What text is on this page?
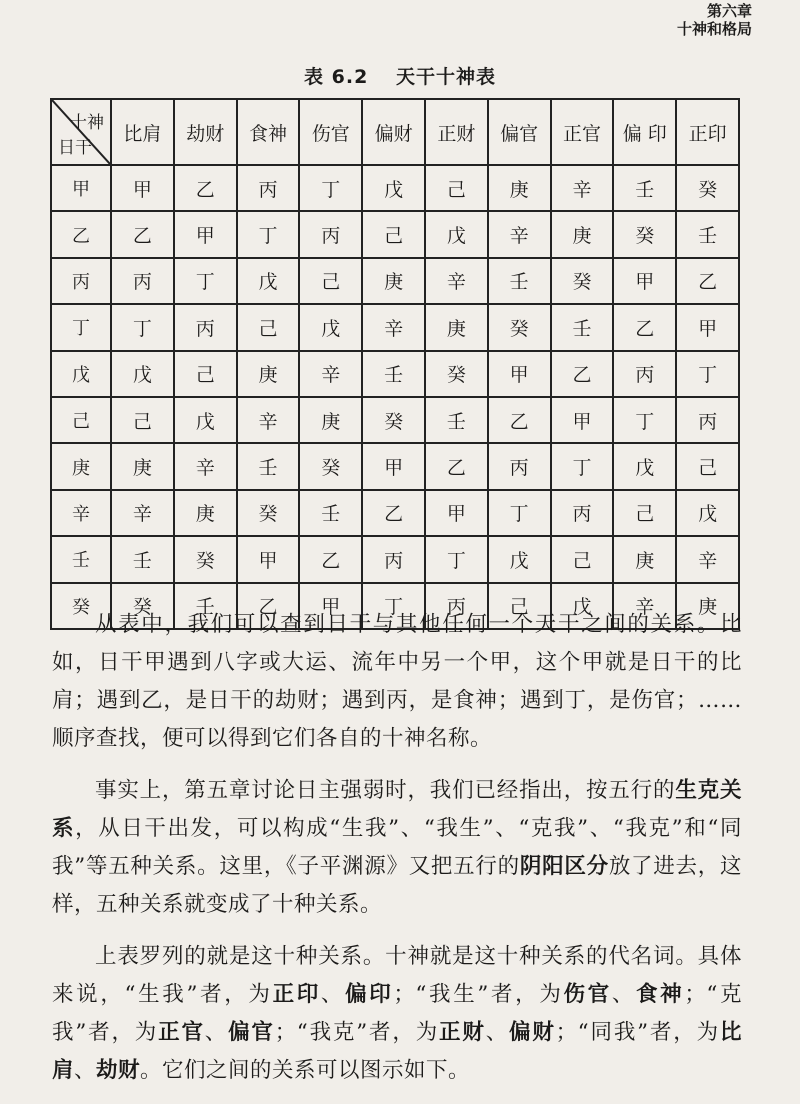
第六章
十神和格局
表 6.2 天干十神表
十神
日干	比肩	劫财	食神	伤官	偏财	正财	偏官	正官	偏 印	正印
甲	甲	乙	丙	丁	戊	己	庚	辛	壬	癸
乙	乙	甲	丁	丙	己	戊	辛	庚	癸	壬
丙	丙	丁	戊	己	庚	辛	壬	癸	甲	乙
丁	丁	丙	己	戊	辛	庚	癸	壬	乙	甲
戊	戊	己	庚	辛	壬	癸	甲	乙	丙	丁
己	己	戊	辛	庚	癸	壬	乙	甲	丁	丙
庚	庚	辛	壬	癸	甲	乙	丙	丁	戊	己
辛	辛	庚	癸	壬	乙	甲	丁	丙	己	戊
壬	壬	癸	甲	乙	丙	丁	戊	己	庚	辛
癸	癸	壬	乙	甲	丁	丙	己	戊	辛	庚

从表中，我们可以查到日干与其他任何一个天干之间的关系。比如，日干甲遇到八字或大运、流年中另一个甲，这个甲就是日干的比肩；遇到乙，是日干的劫财；遇到丙，是食神；遇到丁，是伤官；……顺序查找，便可以得到它们各自的十神名称。

事实上，第五章讨论日主强弱时，我们已经指出，按五行的生克关系，从日干出发，可以构成“生我”、“我生”、“克我”、“我克”和“同我”等五种关系。这里，《子平渊源》又把五行的阴阳区分放了进去，这样，五种关系就变成了十种关系。

上表罗列的就是这十种关系。十神就是这十种关系的代名词。具体来说，“生我”者，为正印、偏印；“我生”者，为伤官、食神；“克我”者，为正官、偏官；“我克”者，为正财、偏财；“同我”者，为比肩、劫财。它们之间的关系可以图示如下。
